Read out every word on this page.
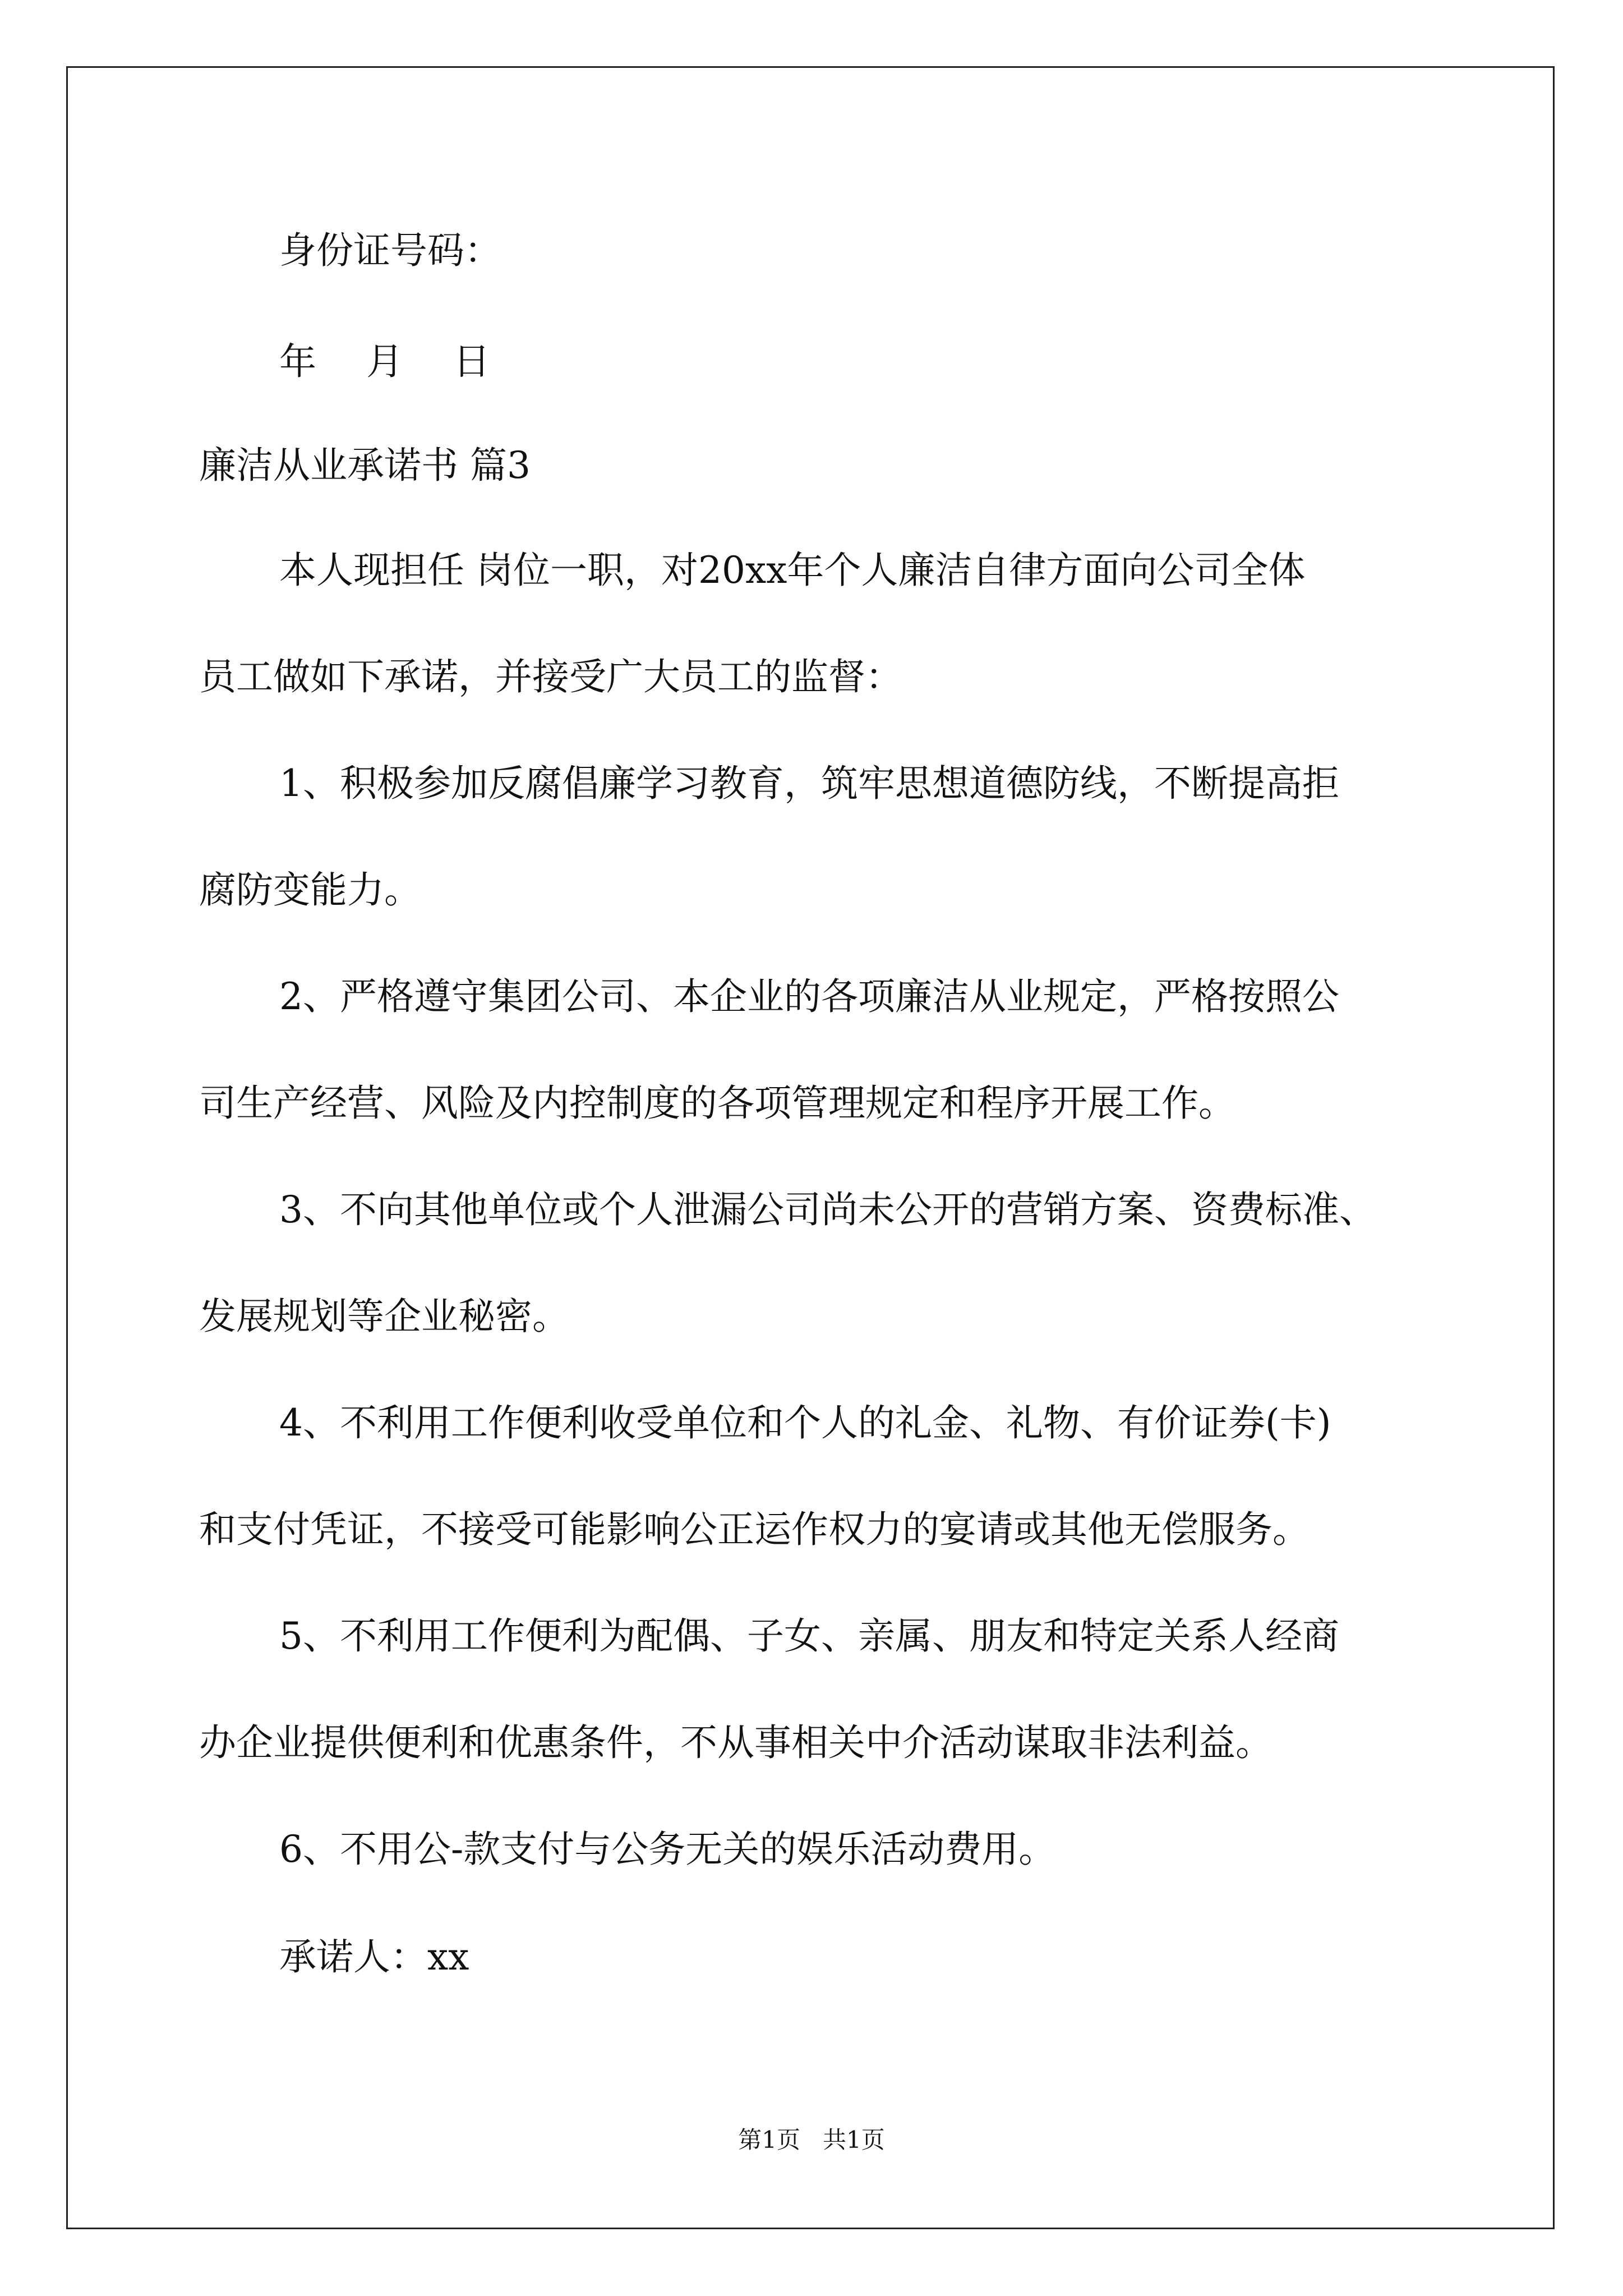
身份证号码：

年 月 日

廉洁从业承诺书 篇3

本人现担任 岗位一职，对20xx年个人廉洁自律方面向公司全体

员工做如下承诺，并接受广大员工的监督：

1、积极参加反腐倡廉学习教育，筑牢思想道德防线，不断提高拒

腐防变能力。

2、严格遵守集团公司、本企业的各项廉洁从业规定，严格按照公

司生产经营、风险及内控制度的各项管理规定和程序开展工作。

3、不向其他单位或个人泄漏公司尚未公开的营销方案、资费标准、

发展规划等企业秘密。

4、不利用工作便利收受单位和个人的礼金、礼物、有价证券(卡)

和支付凭证，不接受可能影响公正运作权力的宴请或其他无偿服务。

5、不利用工作便利为配偶、子女、亲属、朋友和特定关系人经商

办企业提供便利和优惠条件，不从事相关中介活动谋取非法利益。

6、不用公-款支付与公务无关的娱乐活动费用。

承诺人：xx

第1页   共1页
